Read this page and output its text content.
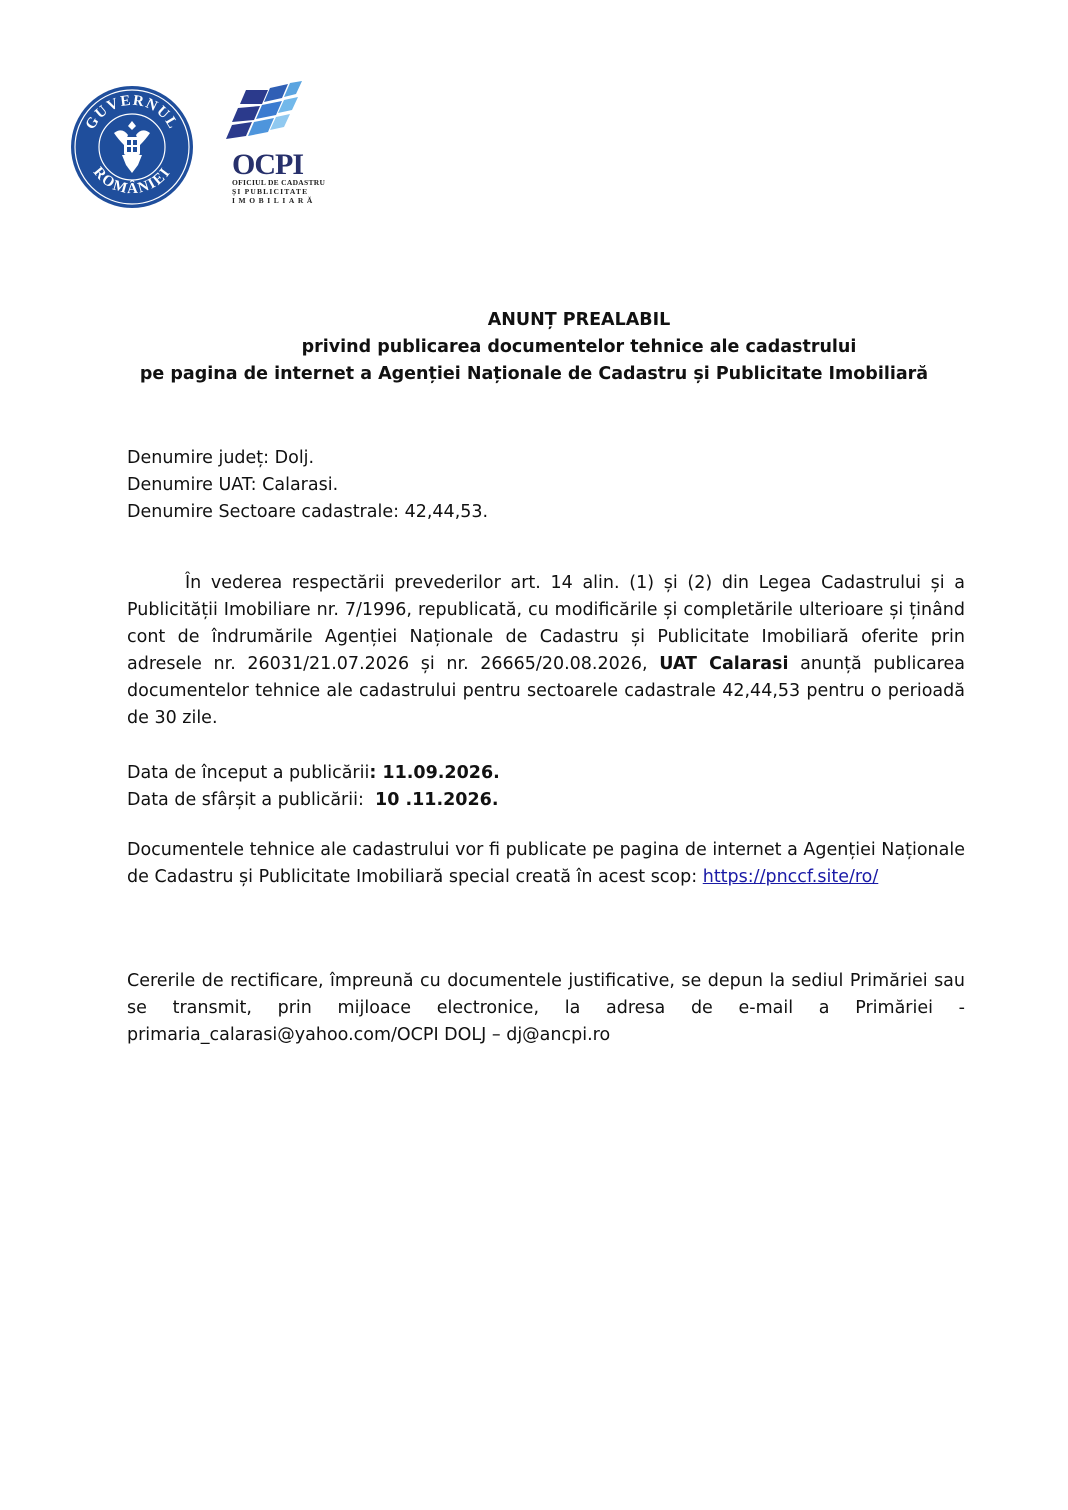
GUVERNUL
ROMÂNIEI OCPI
OFICIUL DE CADASTRU
ȘI PUBLICITATE
IMOBILIARĂ
ANUNȚ PREALABIL
privind publicarea documentelor tehnice ale cadastrului
pe pagina de internet a Agenției Naționale de Cadastru și Publicitate Imobiliară
Denumire județ: Dolj.
Denumire UAT: Calarasi.
Denumire Sectoare cadastrale: 42,44,53.
În vederea respectării prevederilor art. 14 alin. (1) și (2) din Legea Cadastrului și a Publicității Imobiliare nr. 7/1996, republicată, cu modificările și completările ulterioare și ținând cont de îndrumările Agenției Naționale de Cadastru și Publicitate Imobiliară oferite prin adresele nr. 26031/21.07.2026 și nr. 26665/20.08.2026, UAT Calarasi anunță publicarea documentelor tehnice ale cadastrului pentru sectoarele cadastrale 42,44,53 pentru o perioadă de 30 zile.
Data de început a publicării: 11.09.2026.
Data de sfârșit a publicării: 10 .11.2026.
Documentele tehnice ale cadastrului vor fi publicate pe pagina de internet a Agenției Naționale de Cadastru și Publicitate Imobiliară special creată în acest scop: https://pnccf.site/ro/
Cererile de rectificare, împreună cu documentele justificative, se depun la sediul Primăriei sau se transmit, prin mijloace electronice, la adresa de e-mail a Primăriei - primaria_calarasi@yahoo.com/OCPI DOLJ – dj@ancpi.ro
